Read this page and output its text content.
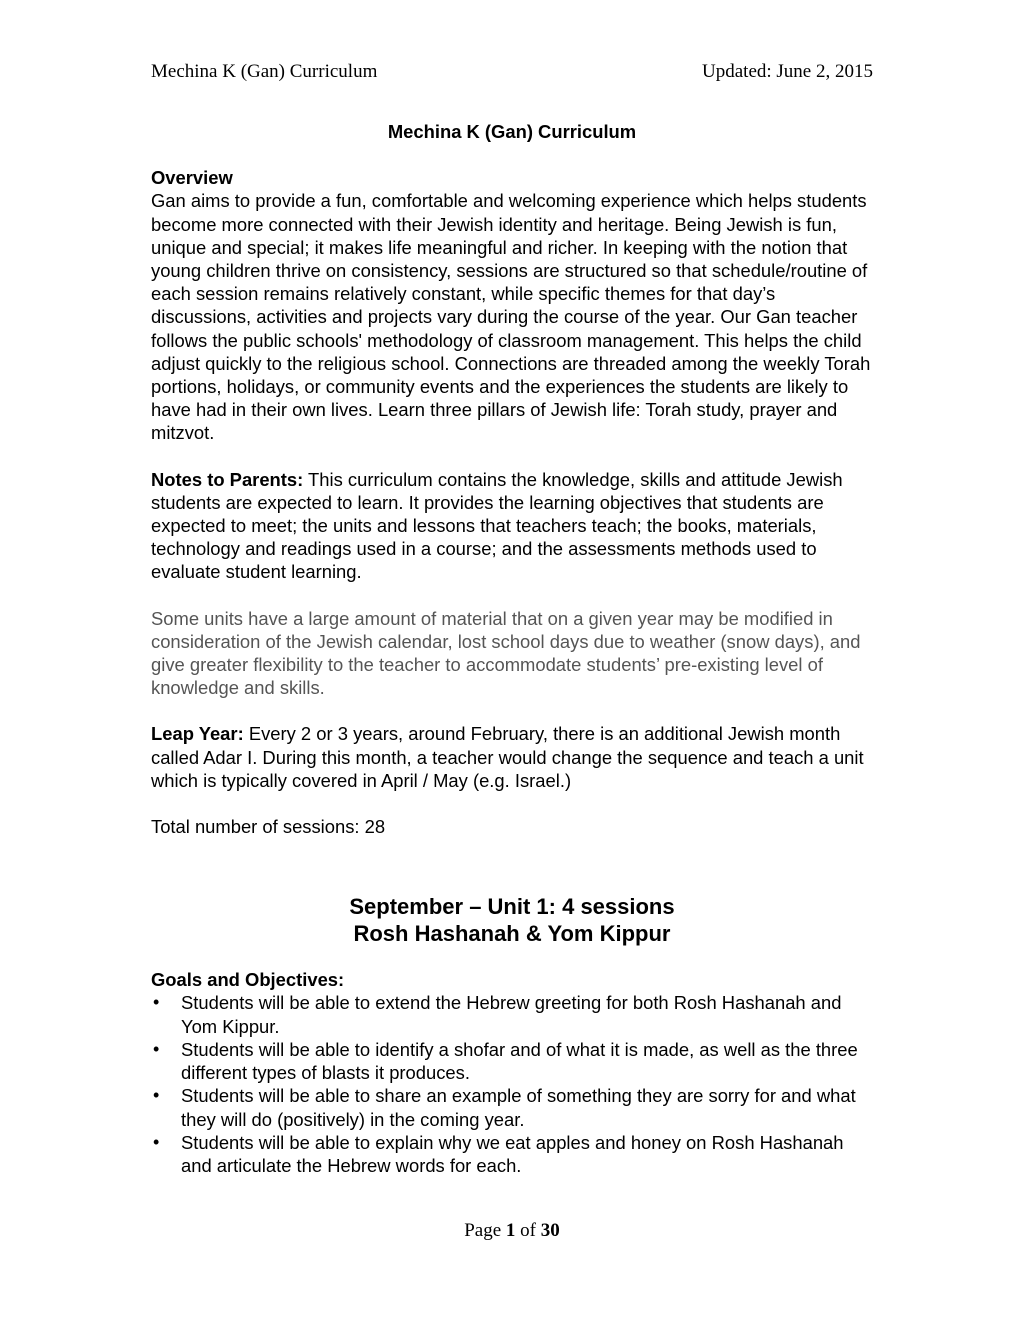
Mechina K (Gan) Curriculum	Updated: June 2, 2015
Mechina K (Gan) Curriculum

Overview

Gan aims to provide a fun, comfortable and welcoming experience which helps students become more connected with their Jewish identity and heritage. Being Jewish is fun, unique and special; it makes life meaningful and richer. In keeping with the notion that young children thrive on consistency, sessions are structured so that schedule/routine of each session remains relatively constant, while specific themes for that day’s discussions, activities and projects vary during the course of the year. Our Gan teacher follows the public schools' methodology of classroom management. This helps the child adjust quickly to the religious school. Connections are threaded among the weekly Torah portions, holidays, or community events and the experiences the students are likely to have had in their own lives. Learn three pillars of Jewish life: Torah study, prayer and mitzvot.

Notes to Parents: This curriculum contains the knowledge, skills and attitude Jewish students are expected to learn. It provides the learning objectives that students are expected to meet; the units and lessons that teachers teach; the books, materials, technology and readings used in a course; and the assessments methods used to evaluate student learning.

Some units have a large amount of material that on a given year may be modified in consideration of the Jewish calendar, lost school days due to weather (snow days), and give greater flexibility to the teacher to accommodate students’ pre-existing level of knowledge and skills.

Leap Year: Every 2 or 3 years, around February, there is an additional Jewish month called Adar I. During this month, a teacher would change the sequence and teach a unit which is typically covered in April / May (e.g. Israel.)

Total number of sessions: 28

September – Unit 1: 4 sessions
Rosh Hashanah & Yom Kippur

Goals and Objectives:

• Students will be able to extend the Hebrew greeting for both Rosh Hashanah and Yom Kippur.
• Students will be able to identify a shofar and of what it is made, as well as the three different types of blasts it produces.
• Students will be able to share an example of something they are sorry for and what they will do (positively) in the coming year.
• Students will be able to explain why we eat apples and honey on Rosh Hashanah and articulate the Hebrew words for each.
Page 1 of 30
